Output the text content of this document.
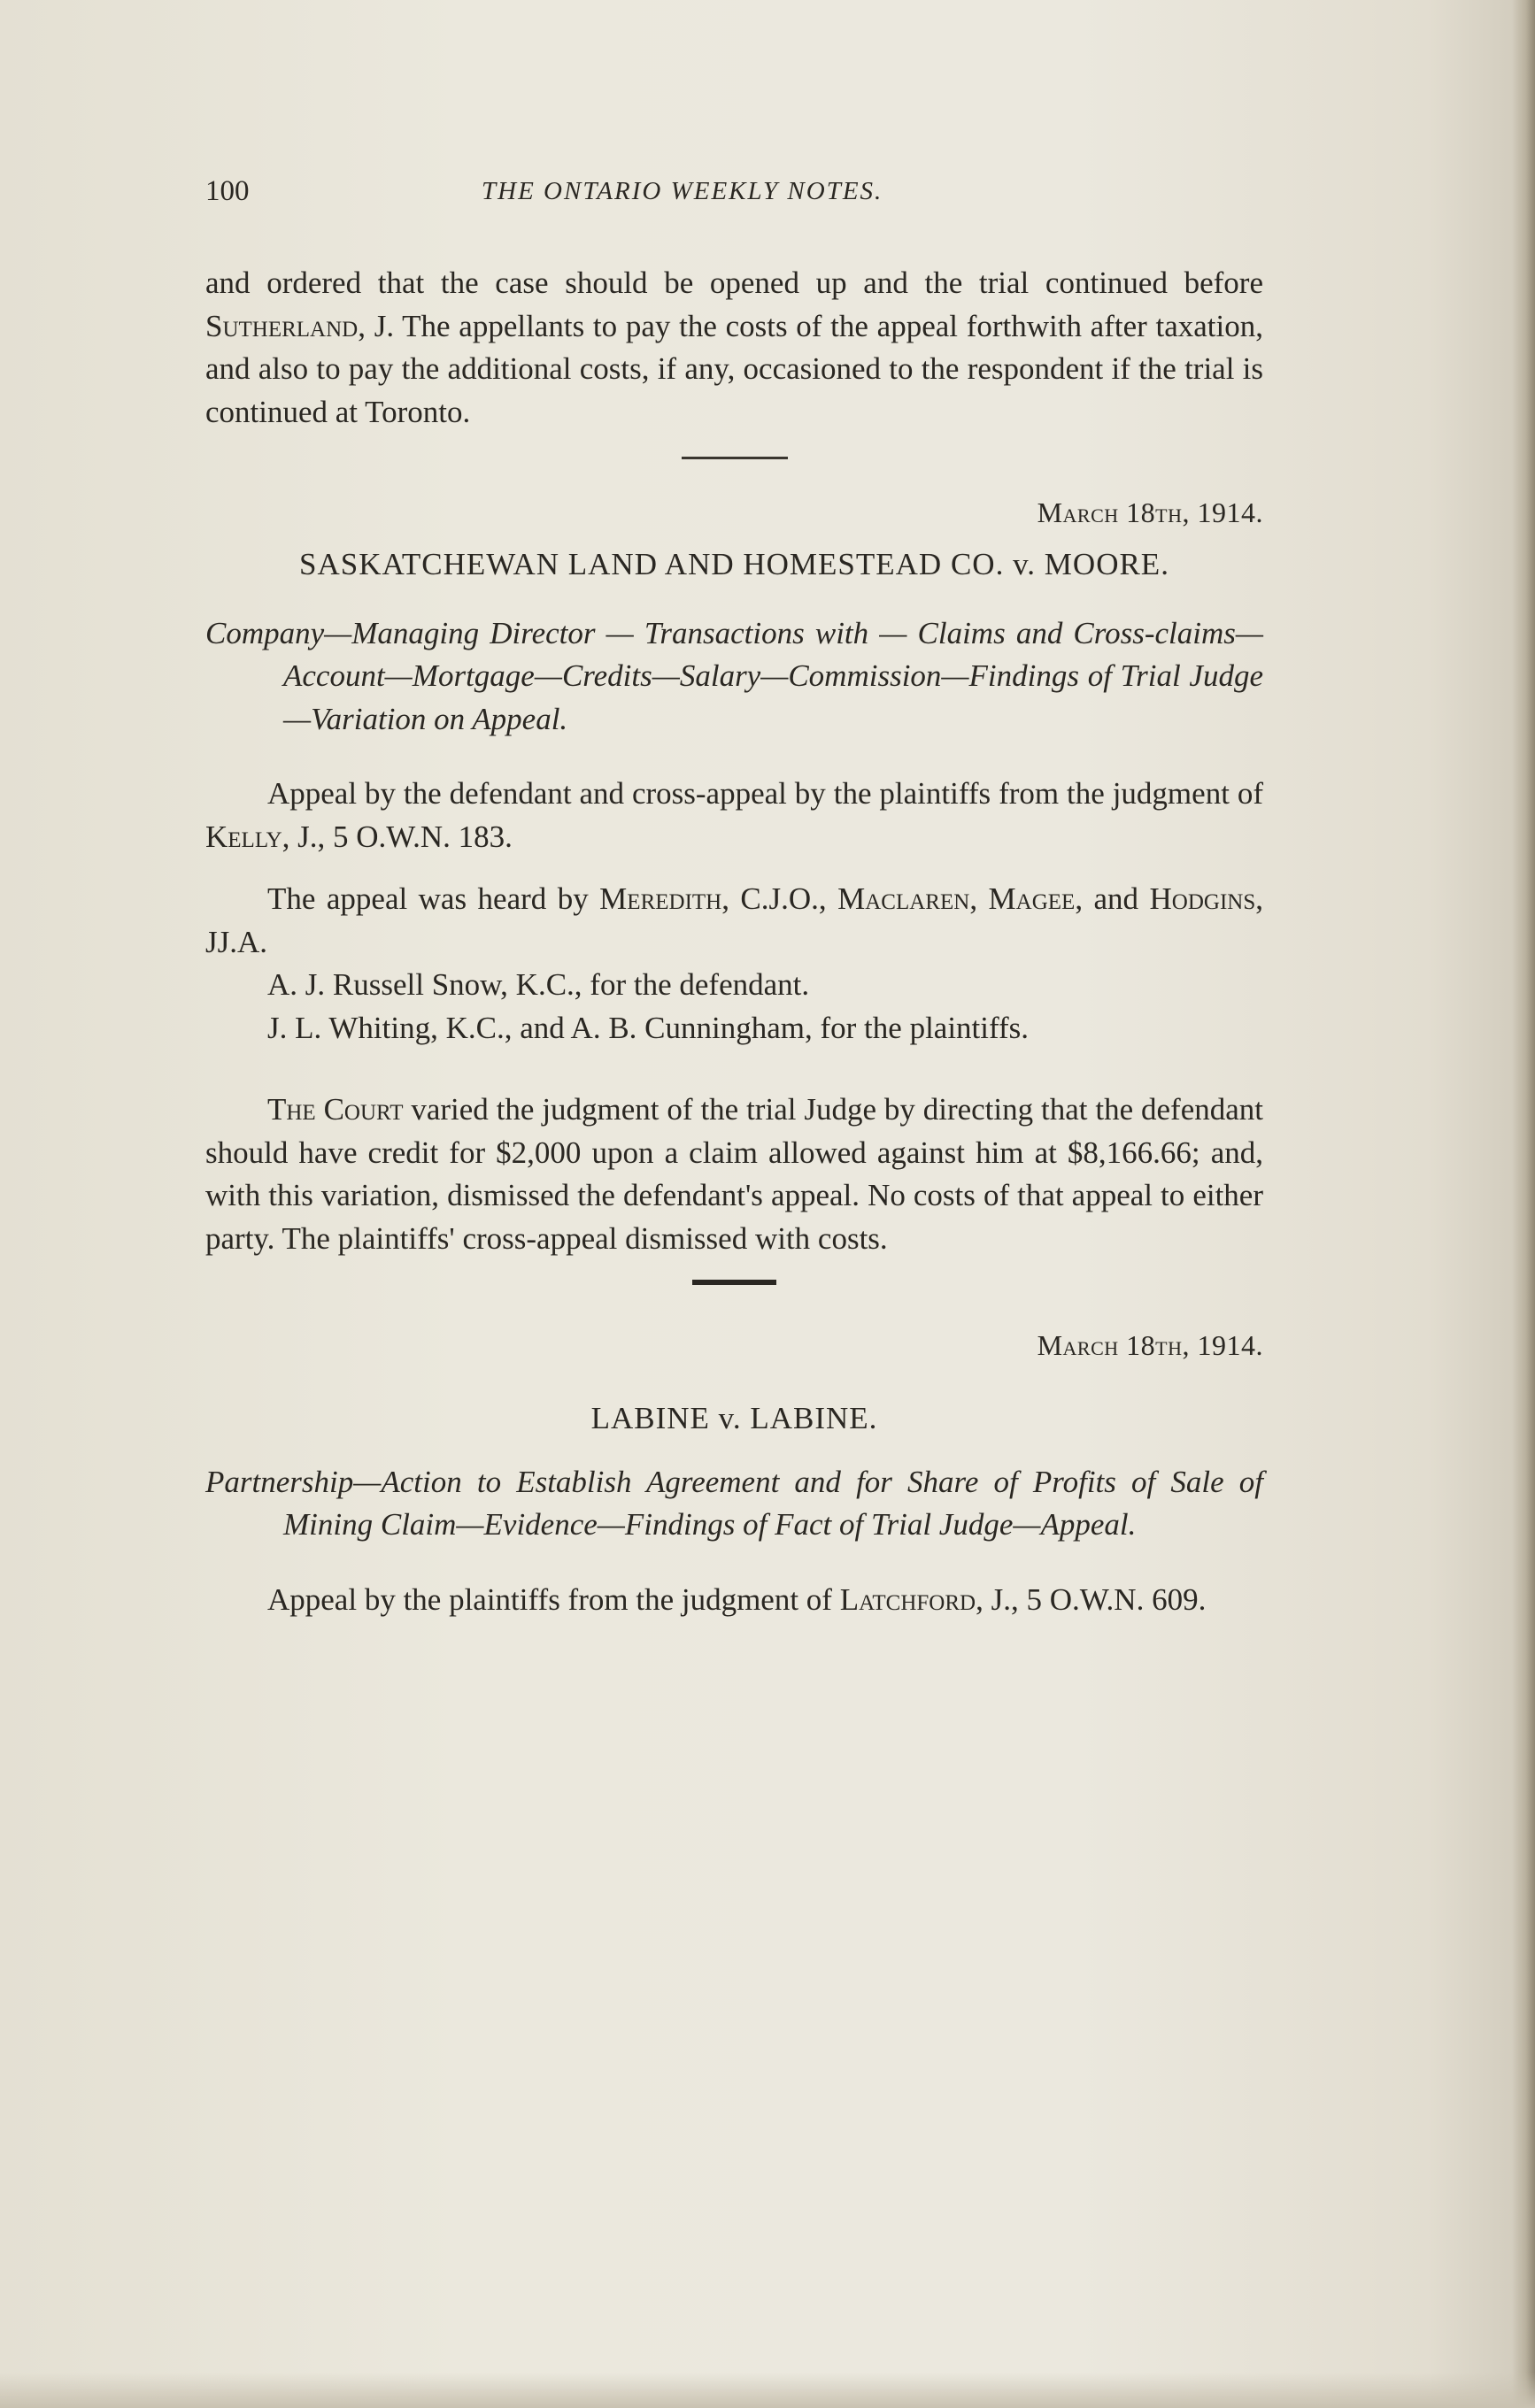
100	THE ONTARIO WEEKLY NOTES.

and ordered that the case should be opened up and the trial continued before Sutherland, J. The appellants to pay the costs of the appeal forthwith after taxation, and also to pay the additional costs, if any, occasioned to the respondent if the trial is continued at Toronto.

March 18th, 1914.

SASKATCHEWAN LAND AND HOMESTEAD CO. v. MOORE.

Company—Managing Director — Transactions with — Claims and Cross-claims—Account—Mortgage—Credits—Salary—Commission—Findings of Trial Judge—Variation on Appeal.

Appeal by the defendant and cross-appeal by the plaintiffs from the judgment of Kelly, J., 5 O.W.N. 183.

The appeal was heard by Meredith, C.J.O., Maclaren, Magee, and Hodgins, JJ.A.

A. J. Russell Snow, K.C., for the defendant.

J. L. Whiting, K.C., and A. B. Cunningham, for the plaintiffs.

The Court varied the judgment of the trial Judge by directing that the defendant should have credit for $2,000 upon a claim allowed against him at $8,166.66; and, with this variation, dismissed the defendant's appeal. No costs of that appeal to either party. The plaintiffs' cross-appeal dismissed with costs.

March 18th, 1914.

LABINE v. LABINE.

Partnership—Action to Establish Agreement and for Share of Profits of Sale of Mining Claim—Evidence—Findings of Fact of Trial Judge—Appeal.

Appeal by the plaintiffs from the judgment of Latchford, J., 5 O.W.N. 609.
